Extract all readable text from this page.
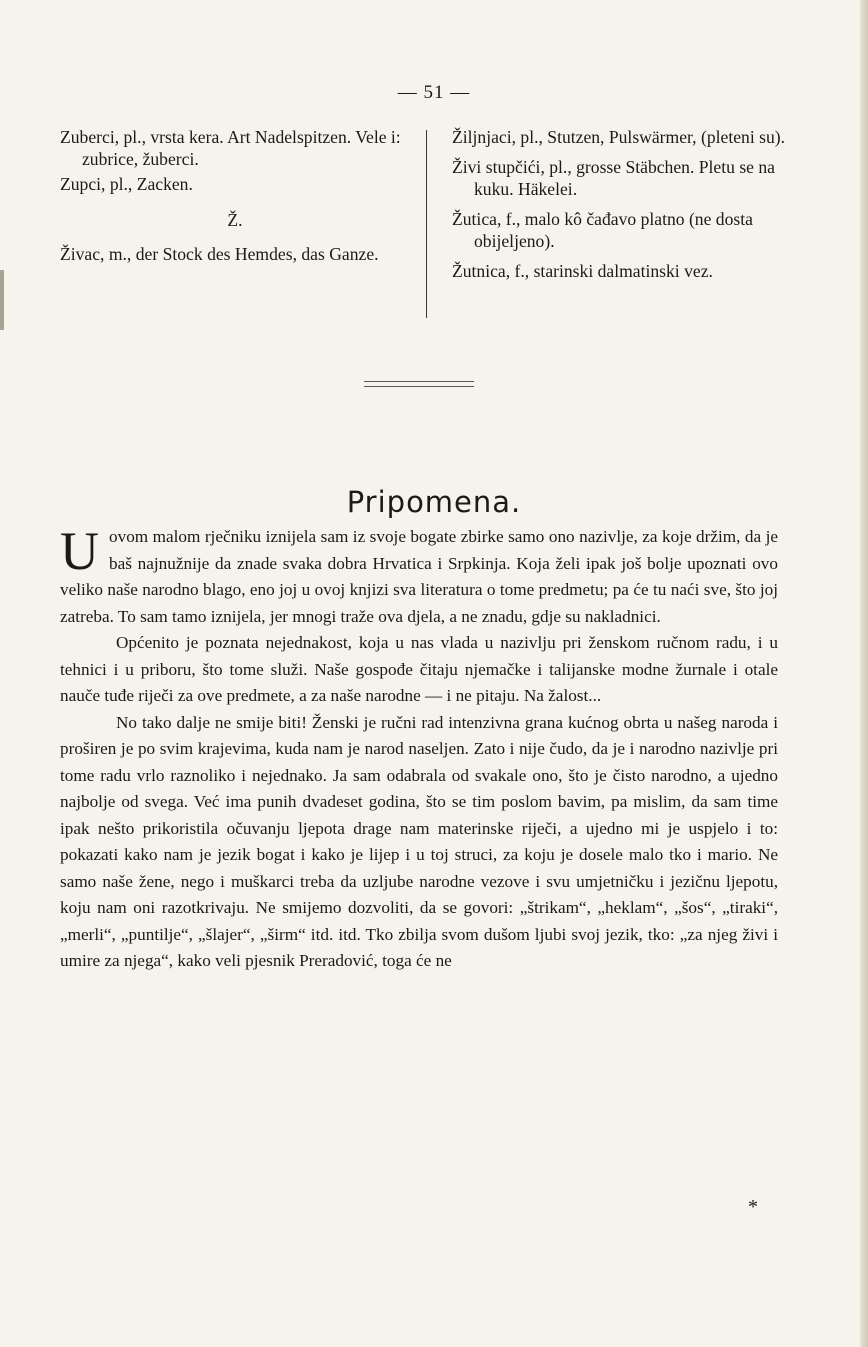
— 51 —

Zuberci, pl., vrsta kera. Art Nadelspitzen. Vele i: zubrice, žuberci.

Zupci, pl., Zacken.

Ž.

Živac, m., der Stock des Hemdes, das Ganze.

Žiljnjaci, pl., Stutzen, Pulswärmer, (pleteni su).

Živi stupčići, pl., grosse Stäbchen. Pletu se na kuku. Häkelei.

Žutica, f., malo kô čađavo platno (ne dosta obijeljeno).

Žutnica, f., starinski dalmatinski vez.

Pripomena.

U ovom malom rječniku iznijela sam iz svoje bogate zbirke samo ono nazivlje, za koje držim, da je baš najnužnije da znade svaka dobra Hrvatica i Srpkinja. Koja želi ipak još bolje upoznati ovo veliko naše narodno blago, eno joj u ovoj knjizi sva literatura o tome predmetu; pa će tu naći sve, što joj zatreba. To sam tamo iznijela, jer mnogi traže ova djela, a ne znadu, gdje su nakladnici.

Općenito je poznata nejednakost, koja u nas vlada u nazivlju pri ženskom ručnom radu, i u tehnici i u priboru, što tome služi. Naše gospođe čitaju njemačke i talijanske modne žurnale i otale nauče tuđe riječi za ove predmete, a za naše narodne — i ne pitaju. Na žalost...

No tako dalje ne smije biti! Ženski je ručni rad intenzivna grana kućnog obrta u našeg naroda i proširen je po svim krajevima, kuda nam je narod naseljen. Zato i nije čudo, da je i narodno nazivlje pri tome radu vrlo raznoliko i nejednako. Ja sam odabrala od svakale ono, što je čisto narodno, a ujedno najbolje od svega. Već ima punih dvadeset godina, što se tim poslom bavim, pa mislim, da sam time ipak nešto prikoristila očuvanju ljepota drage nam materinske riječi, a ujedno mi je uspjelo i to: pokazati kako nam je jezik bogat i kako je lijep i u toj struci, za koju je dosele malo tko i mario. Ne samo naše žene, nego i muškarci treba da uzljube narodne vezove i svu umjetničku i jezičnu ljepotu, koju nam oni razotkrivaju. Ne smijemo dozvoliti, da se govori: „štrikam“, „heklam“, „šos“, „tiraki“, „merli“, „puntilje“, „šlajer“, „širm“ itd. itd. Tko zbilja svom dušom ljubi svoj jezik, tko: „za njeg živi i umire za njega“, kako veli pjesnik Preradović, toga će ne

*
